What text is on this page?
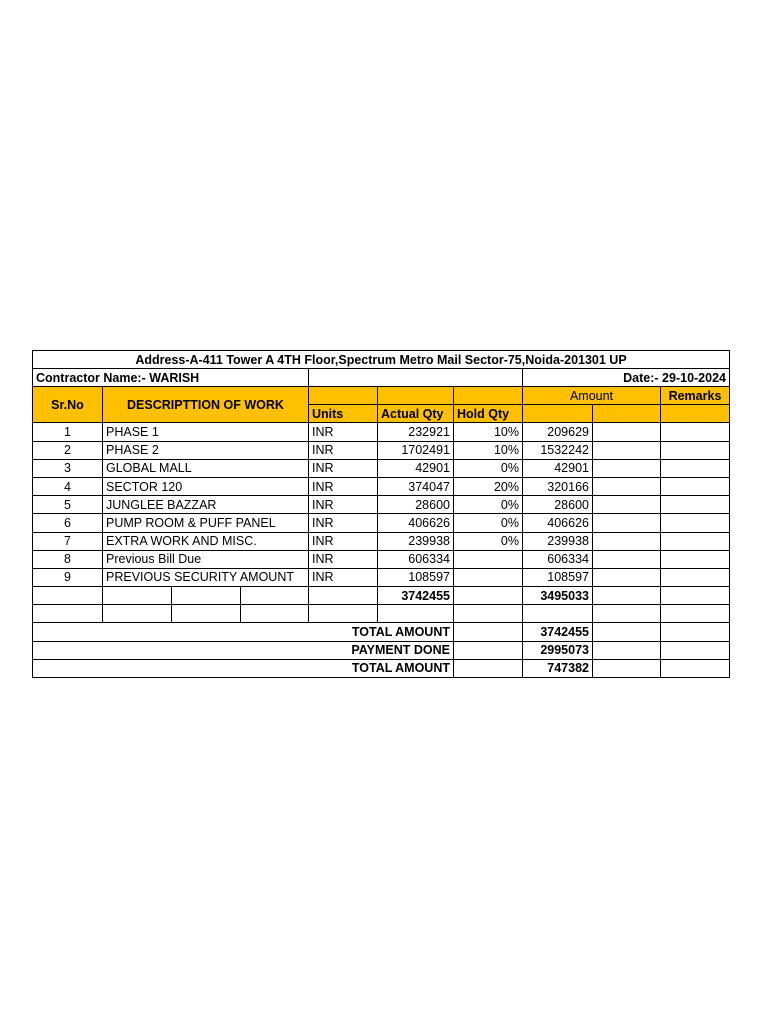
Address-A-411 Tower A 4TH Floor,Spectrum Metro Mail Sector-75,Noida-201301 UP									
Contractor Name:- WARISH							Date:- 29-10-2024		
Sr.No	DESCRIPTTION OF WORK						Amount		Remarks
				Units	Actual Qty	Hold Qty			
1	PHASE 1			INR	232921	10%	209629		
2	PHASE 2			INR	1702491	10%	1532242		
3	GLOBAL MALL			INR	42901	0%	42901		
4	SECTOR 120			INR	374047	20%	320166		
5	JUNGLEE BAZZAR			INR	28600	0%	28600		
6	PUMP ROOM & PUFF PANEL			INR	406626	0%	406626		
7	EXTRA WORK AND MISC.			INR	239938	0%	239938		
8	Previous Bill Due			INR	606334		606334		
9	PREVIOUS SECURITY AMOUNT			INR	108597		108597		
					3742455		3495033		

TOTAL AMOUNT							3742455		
PAYMENT DONE							2995073		
TOTAL AMOUNT							747382		
